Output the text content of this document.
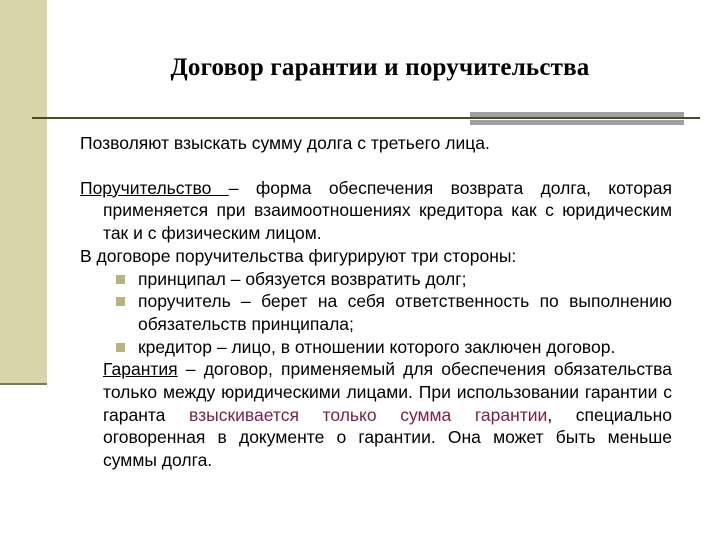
Договор гарантии и поручительства

Позволяют взыскать сумму долга с третьего лица.

Поручительство – форма обеспечения возврата долга, которая применяется при взаимоотношениях кредитора как с юридическим так и с физическим лицом.

В договоре поручительства фигурируют три стороны:

принципал – обязуется возвратить долг;
поручитель – берет на себя ответственность по выполнению обязательств принципала;
кредитор – лицо, в отношении которого заключен договор.

Гарантия – договор, применяемый для обеспечения обязательства только между юридическими лицами. При использовании гарантии с гаранта взыскивается только сумма гарантии, специально оговоренная в документе о гарантии. Она может быть меньше суммы долга.
